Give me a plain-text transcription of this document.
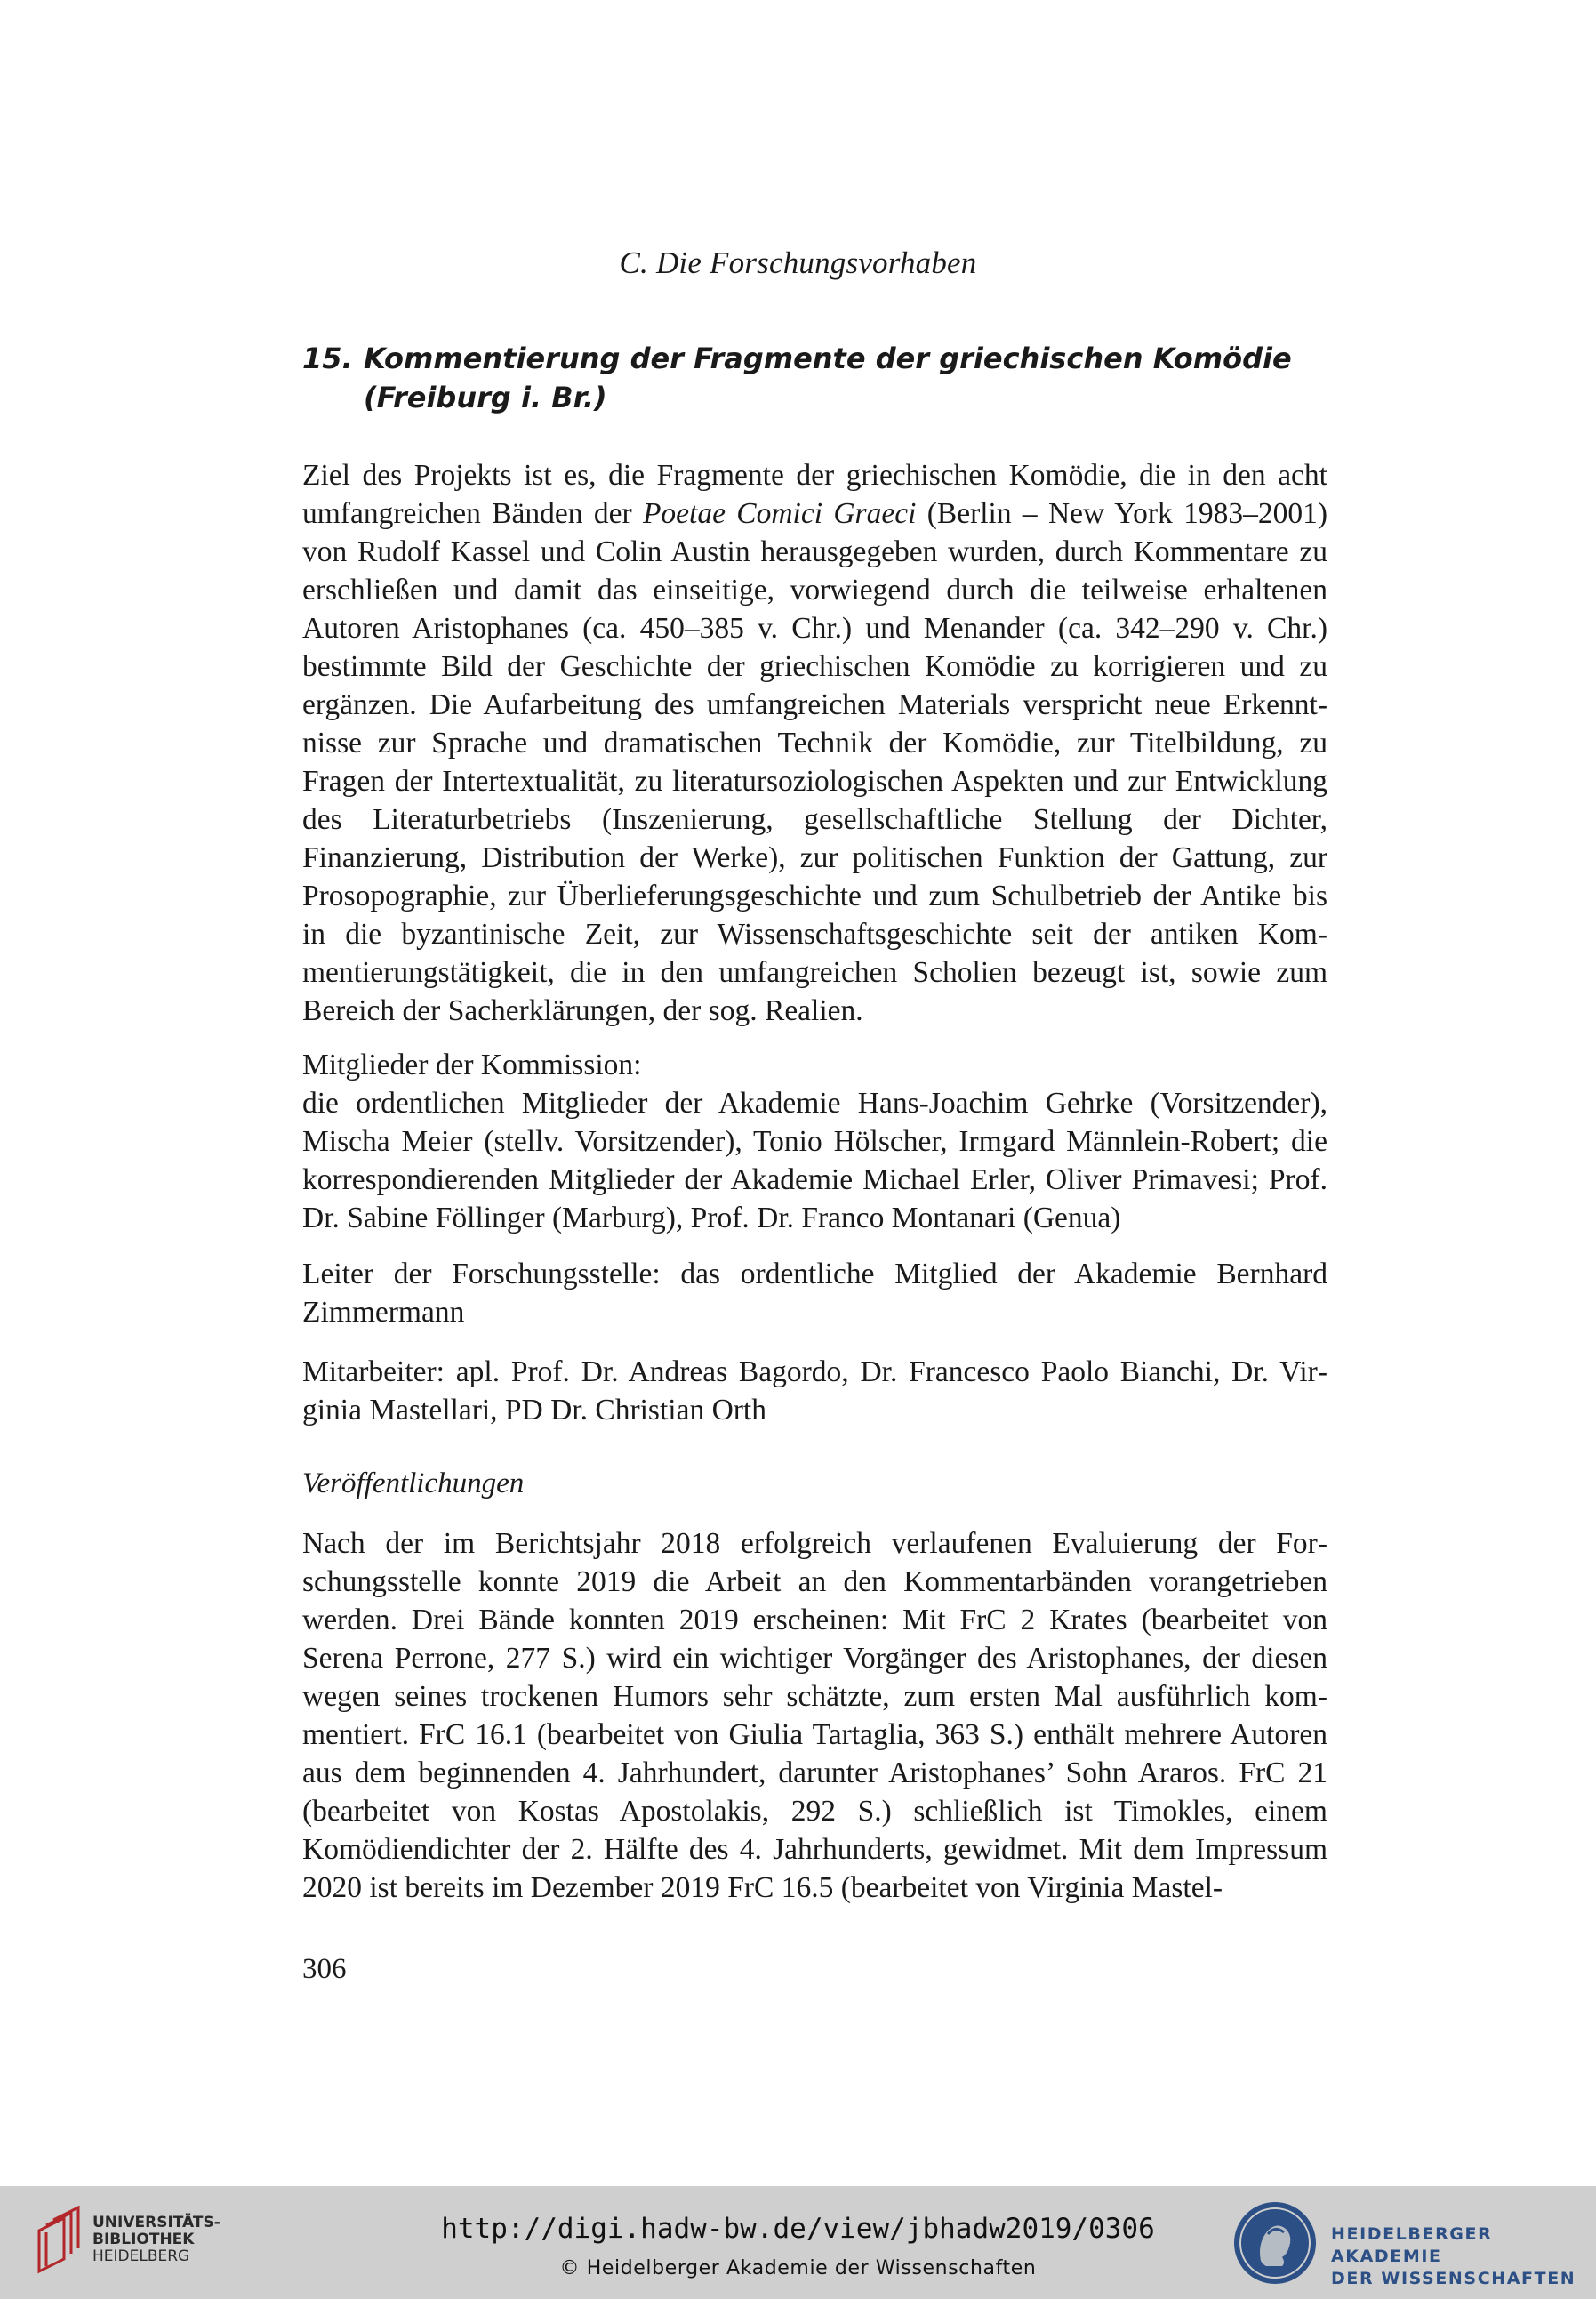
C. Die Forschungsvorhaben
15. Kommentierung der Fragmente der griechischen Komödie (Freiburg i. Br.)

Ziel des Projekts ist es, die Fragmente der griechischen Komödie, die in den acht umfangreichen Bänden der Poetae Comici Graeci (Berlin – New York 1983–2001) von Rudolf Kassel und Colin Austin herausgegeben wurden, durch Kommentare zu erschließen und damit das einseitige, vorwiegend durch die teilweise erhaltenen Autoren Aristophanes (ca. 450–385 v. Chr.) und Menander (ca. 342–290 v. Chr.) bestimmte Bild der Geschichte der griechischen Komödie zu korrigieren und zu ergänzen. Die Aufarbeitung des umfangreichen Materials verspricht neue Erkenntnisse zur Sprache und dramatischen Technik der Komödie, zur Titelbildung, zu Fragen der Intertextualität, zu literatursoziologischen Aspekten und zur Entwicklung des Literaturbetriebs (Inszenierung, gesellschaftliche Stellung der Dichter, Finanzierung, Distribution der Werke), zur politischen Funktion der Gattung, zur Prosopographie, zur Überlieferungsgeschichte und zum Schulbetrieb der Antike bis in die byzantinische Zeit, zur Wissenschaftsgeschichte seit der antiken Kommentierungstätigkeit, die in den umfangreichen Scholien bezeugt ist, sowie zum Bereich der Sacherklärungen, der sog. Realien.

Mitglieder der Kommission:

die ordentlichen Mitglieder der Akademie Hans-Joachim Gehrke (Vorsitzender), Mischa Meier (stellv. Vorsitzender), Tonio Hölscher, Irmgard Männlein-Robert; die korrespondierenden Mitglieder der Akademie Michael Erler, Oliver Primavesi; Prof. Dr. Sabine Föllinger (Marburg), Prof. Dr. Franco Montanari (Genua)

Leiter der Forschungsstelle: das ordentliche Mitglied der Akademie Bernhard Zimmermann

Mitarbeiter: apl. Prof. Dr. Andreas Bagordo, Dr. Francesco Paolo Bianchi, Dr. Virginia Mastellari, PD Dr. Christian Orth

Veröffentlichungen

Nach der im Berichtsjahr 2018 erfolgreich verlaufenen Evaluierung der Forschungsstelle konnte 2019 die Arbeit an den Kommentarbänden vorangetrieben werden. Drei Bände konnten 2019 erscheinen: Mit FrC 2 Krates (bearbeitet von Serena Perrone, 277 S.) wird ein wichtiger Vorgänger des Aristophanes, der diesen wegen seines trockenen Humors sehr schätzte, zum ersten Mal ausführlich kommentiert. FrC 16.1 (bearbeitet von Giulia Tartaglia, 363 S.) enthält mehrere Autoren aus dem beginnenden 4. Jahrhundert, darunter Aristophanes’ Sohn Araros. FrC 21 (bearbeitet von Kostas Apostolakis, 292 S.) schließlich ist Timokles, einem Komödiendichter der 2. Hälfte des 4. Jahrhunderts, gewidmet. Mit dem Impressum 2020 ist bereits im Dezember 2019 FrC 16.5 (bearbeitet von Virginia Mastel-

306
UNIVERSITÄTS-
BIBLIOTHEK
HEIDELBERG
http://digi.hadw-bw.de/view/jbhadw2019/0306
© Heidelberger Akademie der Wissenschaften
HEIDELBERGER AKADEMIE
DER WISSENSCHAFTEN
